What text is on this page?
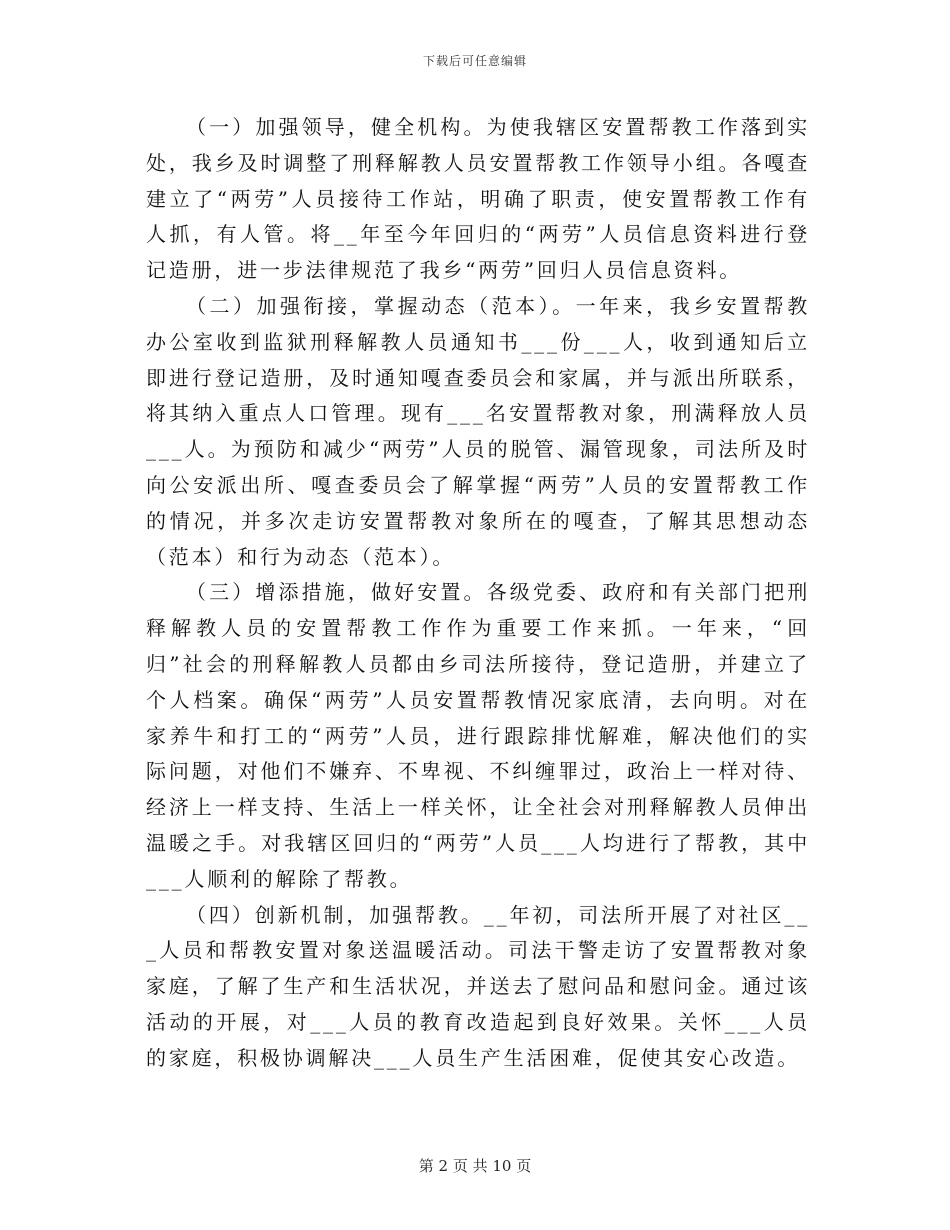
下载后可任意编辑

（一）加强领导，健全机构。为使我辖区安置帮教工作落到实处，我乡及时调整了刑释解教人员安置帮教工作领导小组。各嘎查建立了“两劳”人员接待工作站，明确了职责，使安置帮教工作有人抓，有人管。将__年至今年回归的“两劳”人员信息资料进行登记造册，进一步法律规范了我乡“两劳”回归人员信息资料。

（二）加强衔接，掌握动态（范本）。一年来，我乡安置帮教办公室收到监狱刑释解教人员通知书___份___人，收到通知后立即进行登记造册，及时通知嘎查委员会和家属，并与派出所联系，将其纳入重点人口管理。现有___名安置帮教对象，刑满释放人员___人。为预防和减少“两劳”人员的脱管、漏管现象，司法所及时向公安派出所、嘎查委员会了解掌握“两劳”人员的安置帮教工作的情况，并多次走访安置帮教对象所在的嘎查，了解其思想动态（范本）和行为动态（范本）。

（三）增添措施，做好安置。各级党委、政府和有关部门把刑释解教人员的安置帮教工作作为重要工作来抓。一年来，“回归”社会的刑释解教人员都由乡司法所接待，登记造册，并建立了个人档案。确保“两劳”人员安置帮教情况家底清，去向明。对在家养牛和打工的“两劳”人员，进行跟踪排忧解难，解决他们的实际问题，对他们不嫌弃、不卑视、不纠缠罪过，政治上一样对待、经济上一样支持、生活上一样关怀，让全社会对刑释解教人员伸出温暖之手。对我辖区回归的“两劳”人员___人均进行了帮教，其中___人顺利的解除了帮教。

（四）创新机制，加强帮教。__年初，司法所开展了对社区___人员和帮教安置对象送温暖活动。司法干警走访了安置帮教对象家庭，了解了生产和生活状况，并送去了慰问品和慰问金。通过该活动的开展，对___人员的教育改造起到良好效果。关怀___人员的家庭，积极协调解决___人员生产生活困难，促使其安心改造。

第 2 页 共 10 页
